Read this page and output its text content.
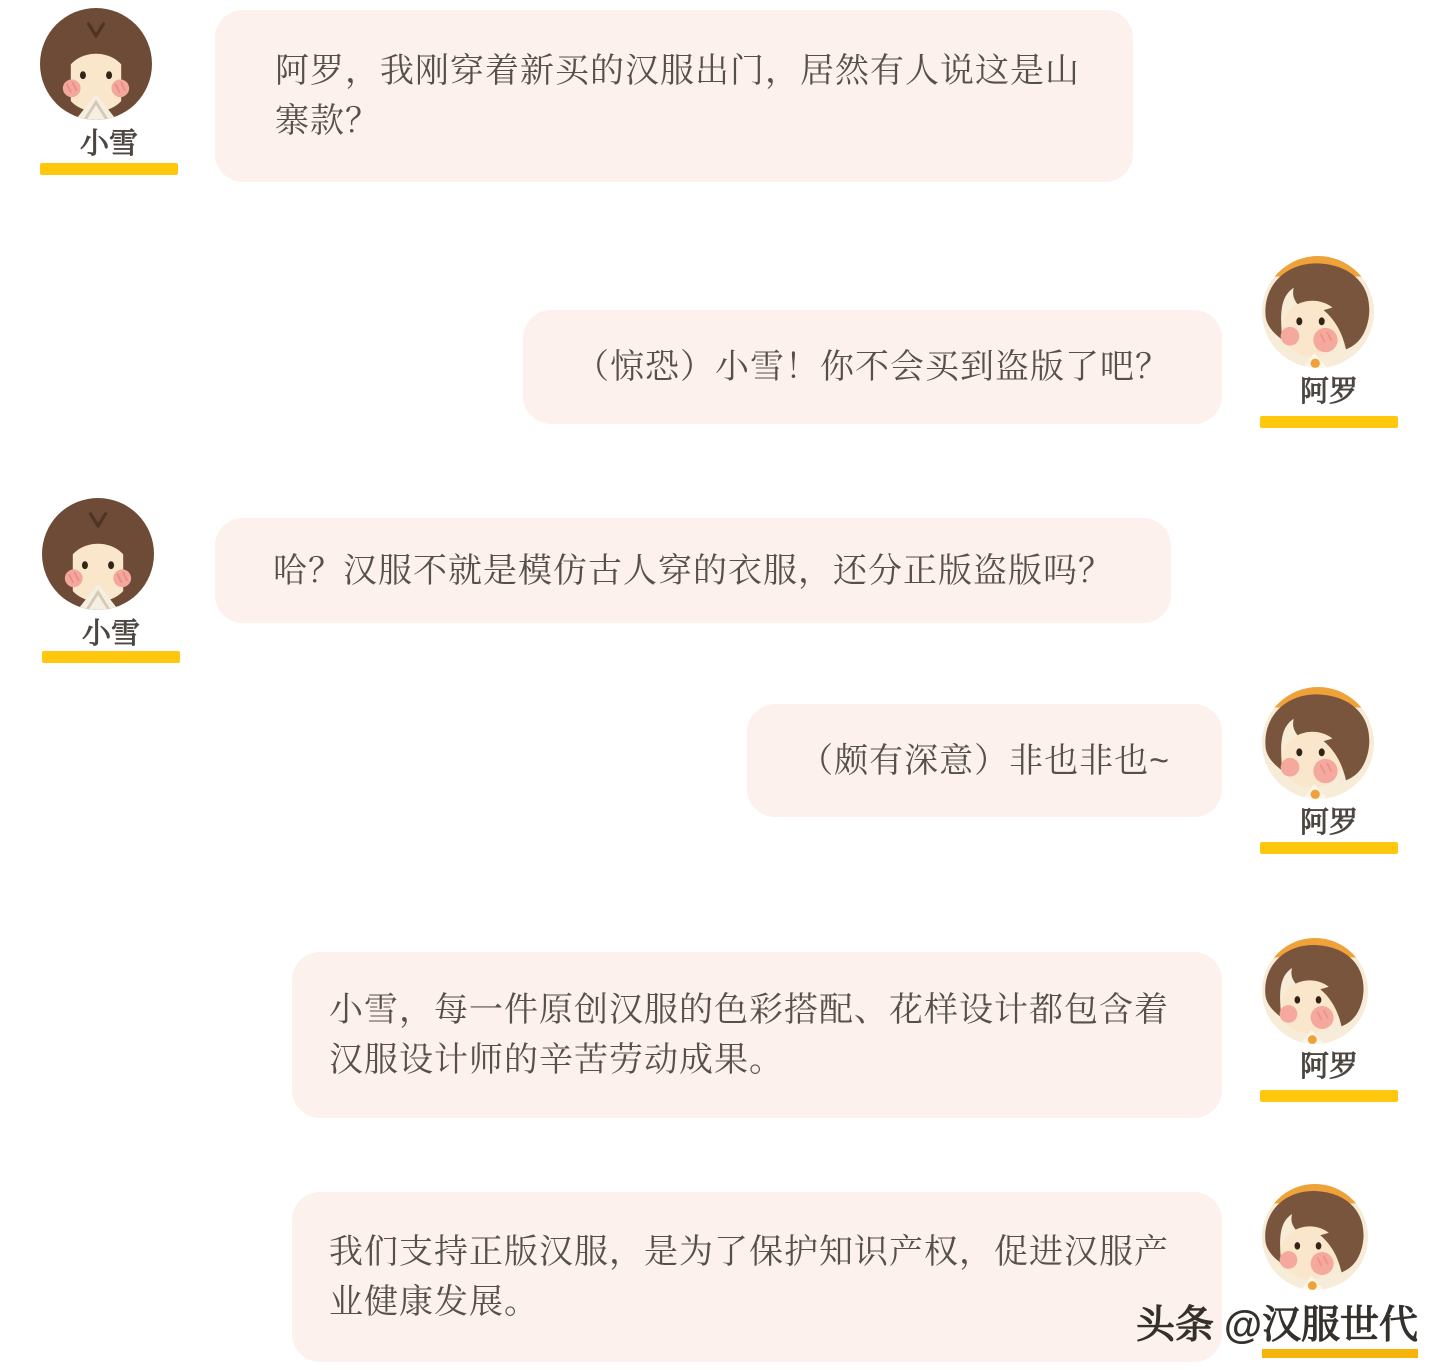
小雪
阿罗，我刚穿着新买的汉服出门，居然有人说这是山寨款？
（惊恐）小雪！你不会买到盗版了吧？
阿罗
小雪
哈？汉服不就是模仿古人穿的衣服，还分正版盗版吗？
（颇有深意）非也非也~
阿罗
小雪，每一件原创汉服的色彩搭配、花样设计都包含着汉服设计师的辛苦劳动成果。	阿罗
我们支持正版汉服，是为了保护知识产权，促进汉服产业健康发展。
头条 @汉服世代
